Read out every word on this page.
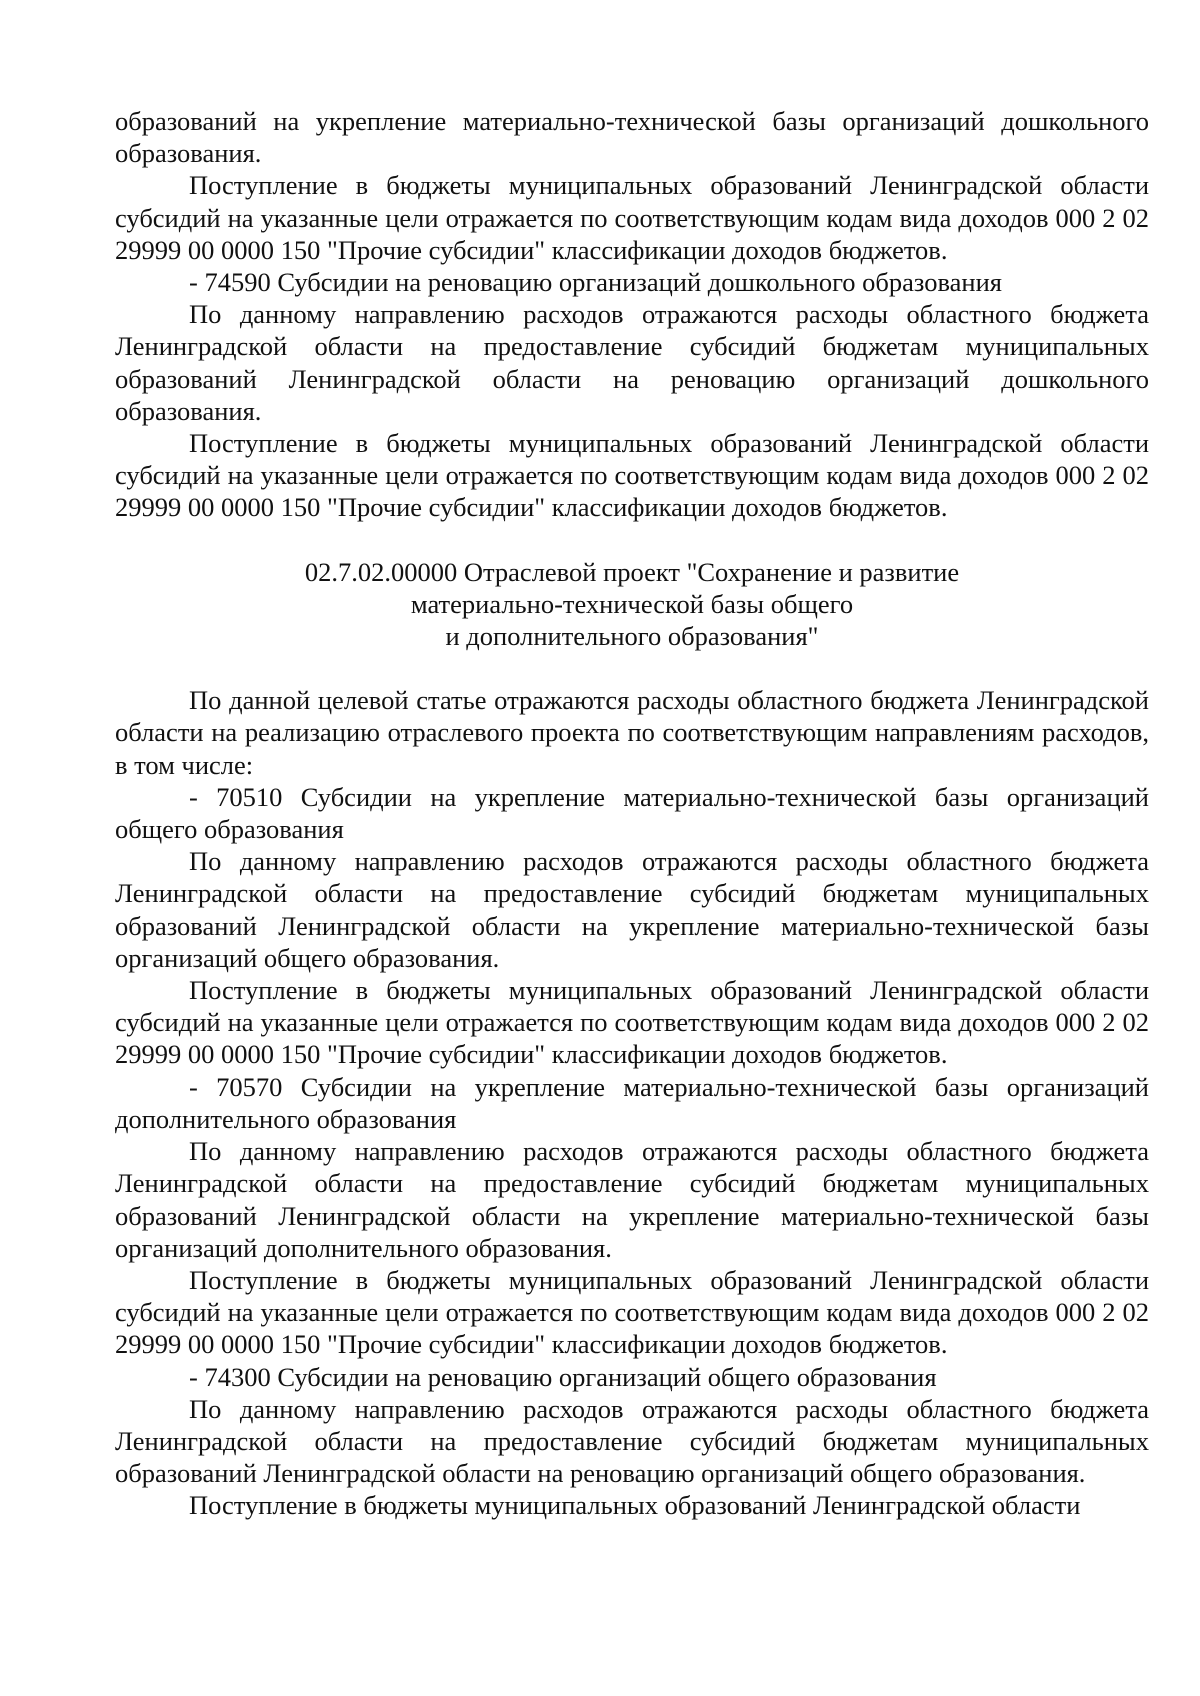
образований на укрепление материально-технической базы организаций дошкольного образования.

Поступление в бюджеты муниципальных образований Ленинградской области субсидий на указанные цели отражается по соответствующим кодам вида доходов 000 2 02 29999 00 0000 150 "Прочие субсидии" классификации доходов бюджетов.

- 74590 Субсидии на реновацию организаций дошкольного образования

По данному направлению расходов отражаются расходы областного бюджета Ленинградской области на предоставление субсидий бюджетам муниципальных образований Ленинградской области на реновацию организаций дошкольного образования.

Поступление в бюджеты муниципальных образований Ленинградской области субсидий на указанные цели отражается по соответствующим кодам вида доходов 000 2 02 29999 00 0000 150 "Прочие субсидии" классификации доходов бюджетов.

02.7.02.00000 Отраслевой проект "Сохранение и развитие

материально-технической базы общего

и дополнительного образования"

По данной целевой статье отражаются расходы областного бюджета Ленинградской области на реализацию отраслевого проекта по соответствующим направлениям расходов, в том числе:

- 70510 Субсидии на укрепление материально-технической базы организаций общего образования

По данному направлению расходов отражаются расходы областного бюджета Ленинградской области на предоставление субсидий бюджетам муниципальных образований Ленинградской области на укрепление материально-технической базы организаций общего образования.

Поступление в бюджеты муниципальных образований Ленинградской области субсидий на указанные цели отражается по соответствующим кодам вида доходов 000 2 02 29999 00 0000 150 "Прочие субсидии" классификации доходов бюджетов.

- 70570 Субсидии на укрепление материально-технической базы организаций дополнительного образования

По данному направлению расходов отражаются расходы областного бюджета Ленинградской области на предоставление субсидий бюджетам муниципальных образований Ленинградской области на укрепление материально-технической базы организаций дополнительного образования.

Поступление в бюджеты муниципальных образований Ленинградской области субсидий на указанные цели отражается по соответствующим кодам вида доходов 000 2 02 29999 00 0000 150 "Прочие субсидии" классификации доходов бюджетов.

- 74300 Субсидии на реновацию организаций общего образования

По данному направлению расходов отражаются расходы областного бюджета Ленинградской области на предоставление субсидий бюджетам муниципальных образований Ленинградской области на реновацию организаций общего образования.

Поступление в бюджеты муниципальных образований Ленинградской области
